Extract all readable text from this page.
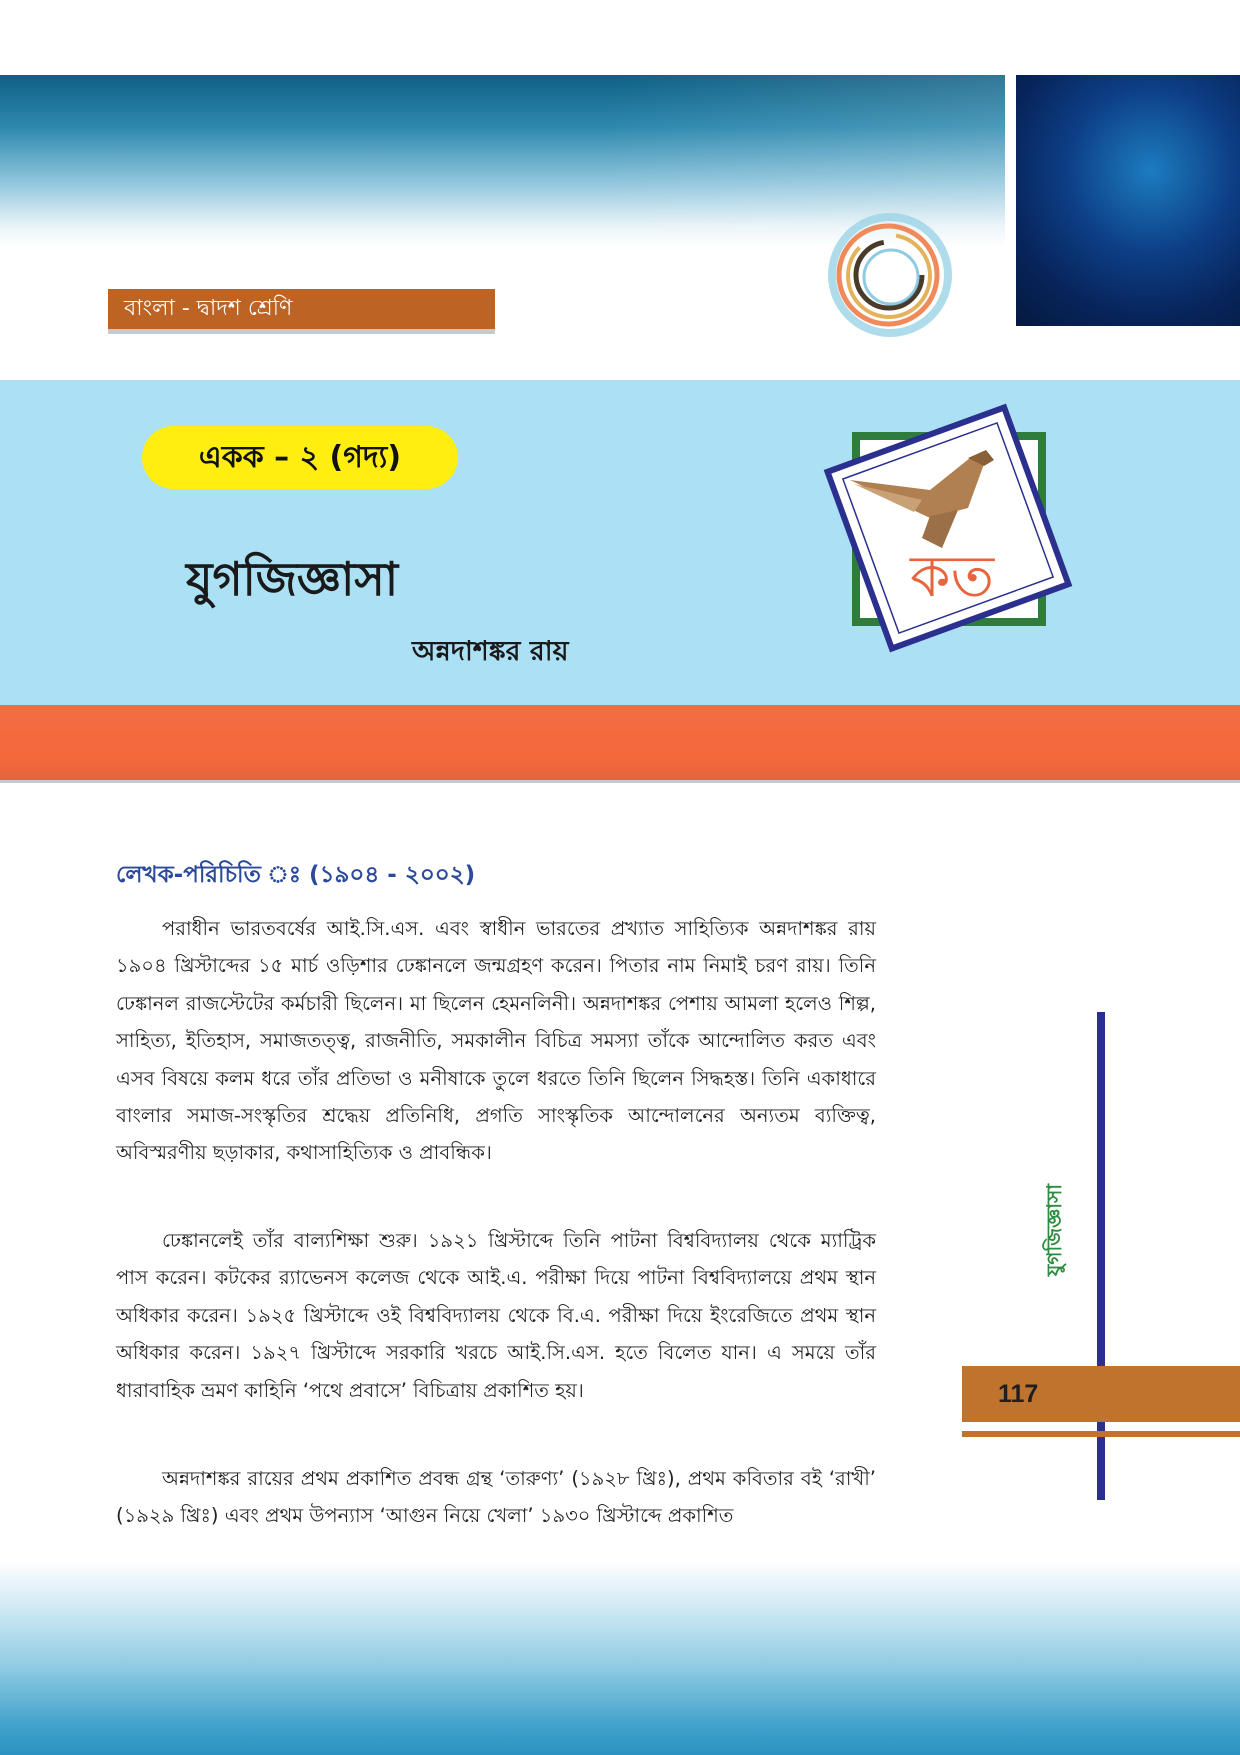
বাংলা - দ্বাদশ শ্রেণি
একক – ২ (গদ্য)
যুগজিজ্ঞাসা
অন্নদাশঙ্কর রায়
কত
লেখক-পরিচিতি ঃ (১৯০৪ - ২০০২)

পরাধীন ভারতবর্ষের আই.সি.এস. এবং স্বাধীন ভারতের প্রখ্যাত সাহিত্যিক অন্নদাশঙ্কর রায় ১৯০৪ খ্রিস্টাব্দের ১৫ মার্চ ওড়িশার ঢেঙ্কানলে জন্মগ্রহণ করেন। পিতার নাম নিমাই চরণ রায়। তিনি ঢেঙ্কানল রাজস্টেটের কর্মচারী ছিলেন। মা ছিলেন হেমনলিনী। অন্নদাশঙ্কর পেশায় আমলা হলেও শিল্প, সাহিত্য, ইতিহাস, সমাজতত্ত্ব, রাজনীতি, সমকালীন বিচিত্র সমস্যা তাঁকে আন্দোলিত করত এবং এসব বিষয়ে কলম ধরে তাঁর প্রতিভা ও মনীষাকে তুলে ধরতে তিনি ছিলেন সিদ্ধহস্ত। তিনি একাধারে বাংলার সমাজ-সংস্কৃতির শ্রদ্ধেয় প্রতিনিধি, প্রগতি সাংস্কৃতিক আন্দোলনের অন্যতম ব্যক্তিত্ব, অবিস্মরণীয় ছড়াকার, কথাসাহিত্যিক ও প্রাবন্ধিক।

ঢেঙ্কানলেই তাঁর বাল্যশিক্ষা শুরু। ১৯২১ খ্রিস্টাব্দে তিনি পাটনা বিশ্ববিদ্যালয় থেকে ম্যাট্রিক পাস করেন। কটকের র‍্যাভেনস কলেজ থেকে আই.এ. পরীক্ষা দিয়ে পাটনা বিশ্ববিদ্যালয়ে প্রথম স্থান অধিকার করেন। ১৯২৫ খ্রিস্টাব্দে ওই বিশ্ববিদ্যালয় থেকে বি.এ. পরীক্ষা দিয়ে ইংরেজিতে প্রথম স্থান অধিকার করেন। ১৯২৭ খ্রিস্টাব্দে সরকারি খরচে আই.সি.এস. হতে বিলেত যান। এ সময়ে তাঁর ধারাবাহিক ভ্রমণ কাহিনি ‘পথে প্রবাসে’ বিচিত্রায় প্রকাশিত হয়।

অন্নদাশঙ্কর রায়ের প্রথম প্রকাশিত প্রবন্ধ গ্রন্থ ‘তারুণ্য’ (১৯২৮ খ্রিঃ), প্রথম কবিতার বই ‘রাখী’ (১৯২৯ খ্রিঃ) এবং প্রথম উপন্যাস ‘আগুন নিয়ে খেলা’ ১৯৩০ খ্রিস্টাব্দে প্রকাশিত

যুগজিজ্ঞাসা
117
